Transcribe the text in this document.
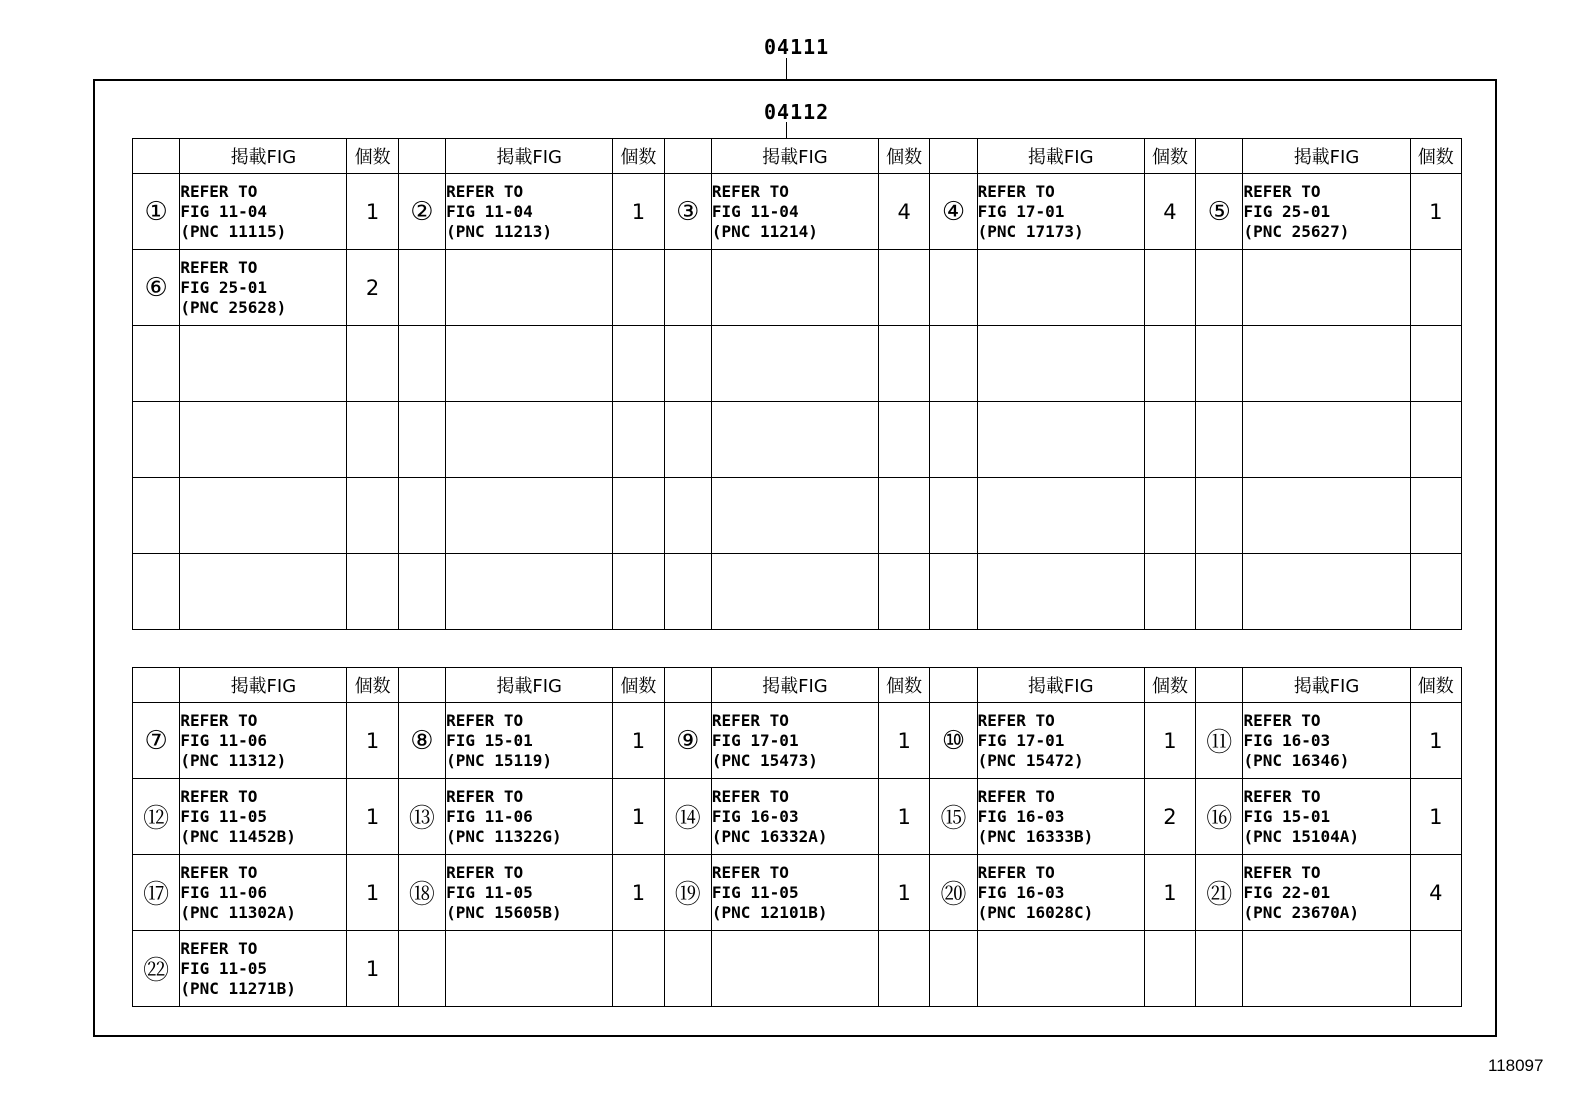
04111
04112
	掲載FIG	個数		掲載FIG	個数		掲載FIG	個数		掲載FIG	個数		掲載FIG	個数
①	REFER TO
FIG 11-04
(PNC 11115)	1	②	REFER TO
FIG 11-04
(PNC 11213)	1	③	REFER TO
FIG 11-04
(PNC 11214)	4	④	REFER TO
FIG 17-01
(PNC 17173)	4	⑤	REFER TO
FIG 25-01
(PNC 25627)	1
⑥	REFER TO
FIG 25-01
(PNC 25628)	2												

	掲載FIG	個数		掲載FIG	個数		掲載FIG	個数		掲載FIG	個数		掲載FIG	個数
⑦	REFER TO
FIG 11-06
(PNC 11312)	1	⑧	REFER TO
FIG 15-01
(PNC 15119)	1	⑨	REFER TO
FIG 17-01
(PNC 15473)	1	⑩	REFER TO
FIG 17-01
(PNC 15472)	1	⑪	REFER TO
FIG 16-03
(PNC 16346)	1
⑫	REFER TO
FIG 11-05
(PNC 11452B)	1	⑬	REFER TO
FIG 11-06
(PNC 11322G)	1	⑭	REFER TO
FIG 16-03
(PNC 16332A)	1	⑮	REFER TO
FIG 16-03
(PNC 16333B)	2	⑯	REFER TO
FIG 15-01
(PNC 15104A)	1
⑰	REFER TO
FIG 11-06
(PNC 11302A)	1	⑱	REFER TO
FIG 11-05
(PNC 15605B)	1	⑲	REFER TO
FIG 11-05
(PNC 12101B)	1	⑳	REFER TO
FIG 16-03
(PNC 16028C)	1	㉑	REFER TO
FIG 22-01
(PNC 23670A)	4
㉒	REFER TO
FIG 11-05
(PNC 11271B)	1												
118097
